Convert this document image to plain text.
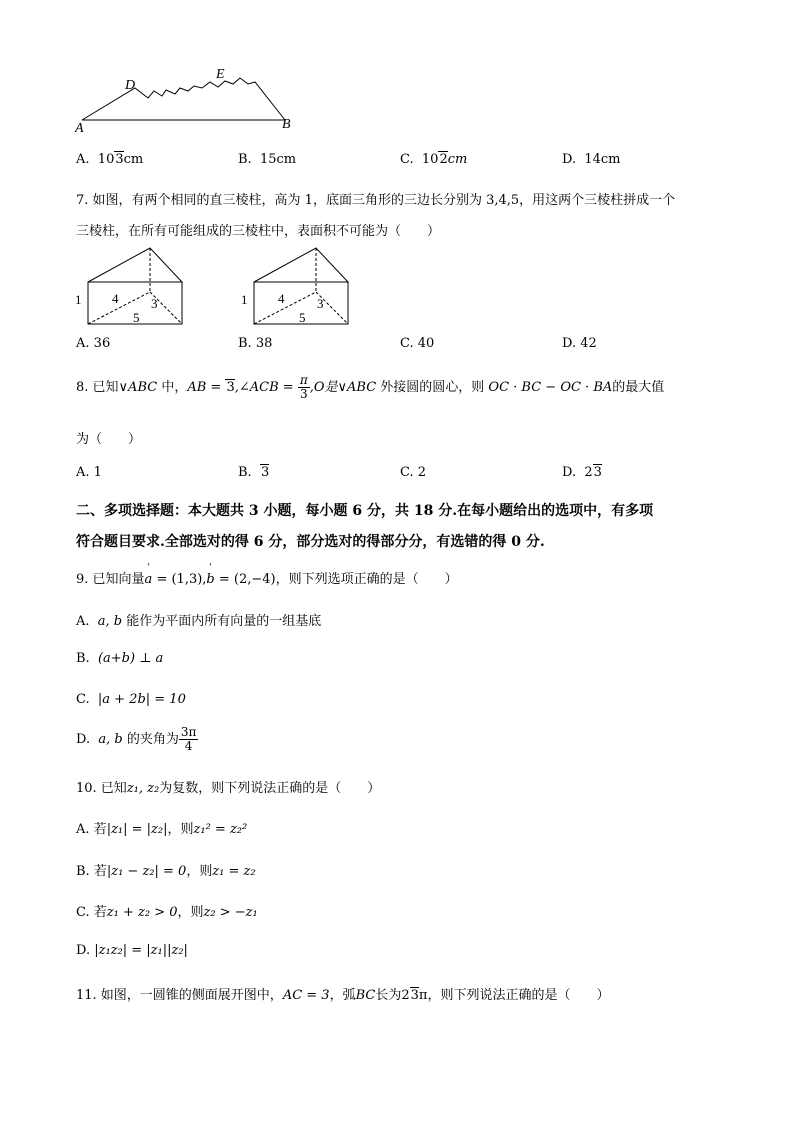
A	B
D
E
A. 103cm	B. 15cm	C. 102cm	D. 14cm
7. 如图，有两个相同的直三棱柱，高为 1，底面三角形的三边长分别为 3,4,5，用这两个三棱柱拼成一个
三棱柱，在所有可能组成的三棱柱中，表面积不可能为（　　）
1 4	3
5
1 4	3
5
A. 36	B. 38	C. 40	D. 42
8. 已知∨ABC 中，AB = 3,∠ACB = $\frac{\pi}{3} ,O$是∨ABC 外接圆的圆心，则 OC · BC − OC · BA的最大值
为（　　）
A. 1	B. 3	C. 2	D. 23
二、多项选择题：本大题共 3 小题，每小题 6 分，共 18 分.在每小题给出的选项中，有多项
符合题目要求.全部选对的得 6 分，部分选对的得部分分，有选错的得 0 分.
9. 已知向量' a = (1,3),' b = (2,−4)，则下列选项正确的是（　　）
A. a, b 能作为平面内所有向量的一组基底
B. (a+b) ⊥ a
C. |a + 2b| = 10
D. a, b 的夹角为 $\frac{3\pi}{4}$
10. 已知z₁, z₂为复数，则下列说法正确的是（　　）
A. 若|z₁| = |z₂|，则z₁² = z₂²
B. 若|z₁ − z₂| = 0，则z₁ = z₂
C. 若z₁ + z₂ > 0，则z₂ > −z₁
D. |z₁z₂| = |z₁||z₂|
11. 如图，一圆锥的侧面展开图中，AC = 3，弧BC长为23π，则下列说法正确的是（　　）
